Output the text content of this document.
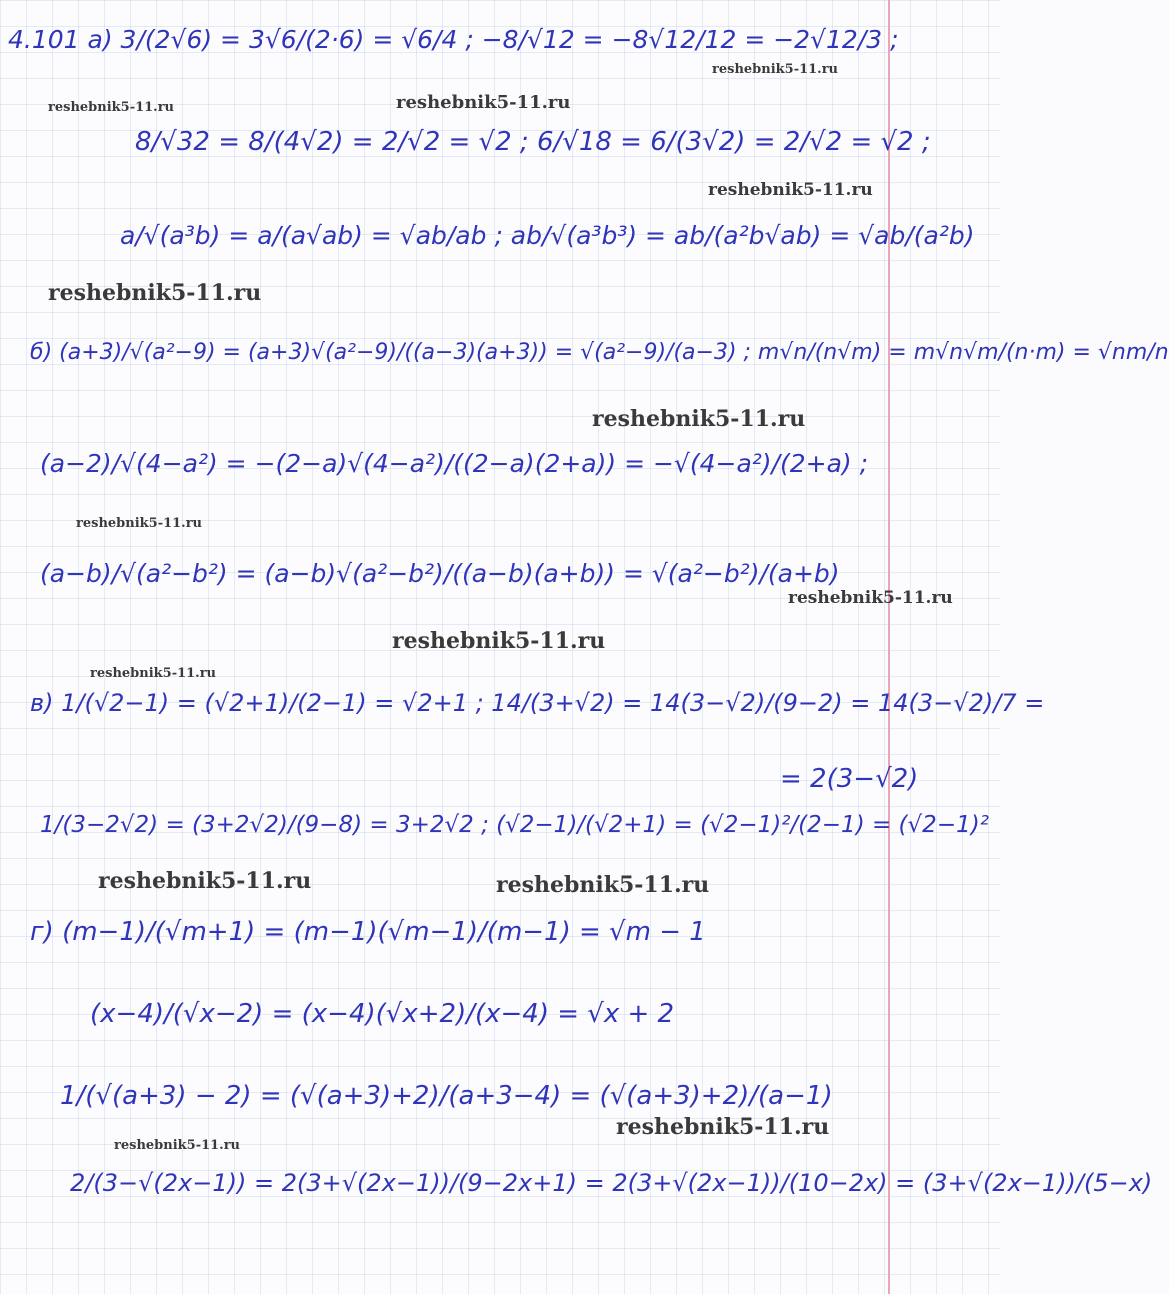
4.101 а) 3/(2√6) = 3√6/(2·6) = √6/4 ; −8/√12 = −8√12/12 = −2√12/3 ;
8/√32 = 8/(4√2) = 2/√2 = √2 ; 6/√18 = 6/(3√2) = 2/√2 = √2 ;
a/√(a³b) = a/(a√ab) = √ab/ab ; ab/√(a³b³) = ab/(a²b√ab) = √ab/(a²b)
б) (a+3)/√(a²−9) = (a+3)√(a²−9)/((a−3)(a+3)) = √(a²−9)/(a−3) ; m√n/(n√m) = m√n√m/(n·m) = √nm/n
(a−2)/√(4−a²) = −(2−a)√(4−a²)/((2−a)(2+a)) = −√(4−a²)/(2+a) ;
(a−b)/√(a²−b²) = (a−b)√(a²−b²)/((a−b)(a+b)) = √(a²−b²)/(a+b)
в) 1/(√2−1) = (√2+1)/(2−1) = √2+1 ; 14/(3+√2) = 14(3−√2)/(9−2) = 14(3−√2)/7 =
= 2(3−√2)
1/(3−2√2) = (3+2√2)/(9−8) = 3+2√2 ; (√2−1)/(√2+1) = (√2−1)²/(2−1) = (√2−1)²
г) (m−1)/(√m+1) = (m−1)(√m−1)/(m−1) = √m − 1
(x−4)/(√x−2) = (x−4)(√x+2)/(x−4) = √x + 2
1/(√(a+3) − 2) = (√(a+3)+2)/(a+3−4) = (√(a+3)+2)/(a−1)
2/(3−√(2x−1)) = 2(3+√(2x−1))/(9−2x+1) = 2(3+√(2x−1))/(10−2x) = (3+√(2x−1))/(5−x)
reshebnik5-11.ru	reshebnik5-11.ru
reshebnik5-11.ru
reshebnik5-11.ru
reshebnik5-11.ru
reshebnik5-11.ru
reshebnik5-11.ru
reshebnik5-11.ru
reshebnik5-11.ru
reshebnik5-11.ru
reshebnik5-11.ru	reshebnik5-11.ru
reshebnik5-11.ru
reshebnik5-11.ru
